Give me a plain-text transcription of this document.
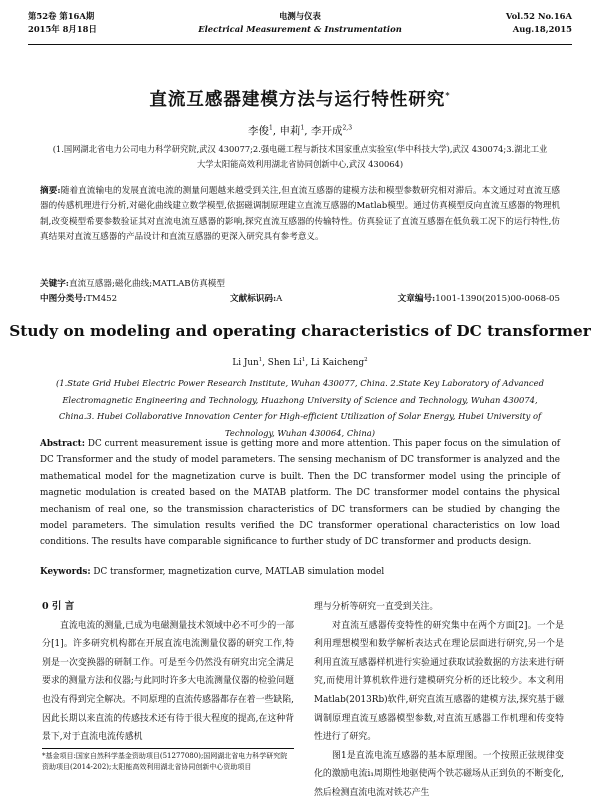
第52卷 第16A期
2015年 8月18日
电测与仪表
Electrical Measurement & Instrumentation
Vol.52 No.16A
Aug.18,2015
直流互感器建模方法与运行特性研究*
李俊$^1$, 申莉$^1$, 李开成$^{2,3}$
(1.国网湖北省电力公司电力科学研究院,武汉 430077;2.强电磁工程与新技术国家重点实验室(华中科技大学),武汉 430074;3.湖北工业大学太阳能高效利用湖北省协同创新中心,武汉 430064)
摘要:随着直流输电的发展直流电流的测量问题越来越受到关注,但直流互感器的建模方法和模型参数研究相对滞后。本文通过对直流互感器的传感机理进行分析,对磁化曲线建立数学模型,依据磁调制原理建立直流互感器的Matlab模型。通过仿真模型反向直流互感器的物理机制,改变模型希要参数验证其对直流电流互感器的影响,探究直流互感器的传输特性。仿真验证了直流互感器在低负载工况下的运行特性,仿真结果对直流互感器的产品设计和直流互感器的更深入研究具有参考意义。
关键字:直流互感器;磁化曲线;MATLAB仿真模型
中图分类号:TM452	文献标识码:A	文章编号:1001-1390(2015)00-0068-05
Study on modeling and operating characteristics of DC transformer
Li Jun$^1$, Shen Li$^1$, Li Kaicheng$^2$
(1.State Grid Hubei Electric Power Research Institute, Wuhan 430077, China. 2.State Key Laboratory of Advanced Electromagnetic Engineering and Technology, Huazhong University of Science and Technology, Wuhan 430074, China.3. Hubei Collaborative Innovation Center for High-efficient Utilization of Solar Energy, Hubei University of Technology, Wuhan 430064, China)
Abstract: DC current measurement issue is getting more and more attention. This paper focus on the simulation of DC Transformer and the study of model parameters. The sensing mechanism of DC transformer is analyzed and the mathematical model for the magnetization curve is built. Then the DC transformer model using the principle of magnetic modulation is created based on the MATAB platform. The DC transformer model contains the physical mechanism of real one, so the transmission characteristics of DC transformers can be studied by changing the model parameters. The simulation results verified the DC transformer operational characteristics on low load conditions. The results have comparable significance to further study of DC transformer and products design.
Keywords: DC transformer, magnetization curve, MATLAB simulation model
0 引 言
直流电流的测量,已成为电磁测量技术领域中必不可少的一部分[1]。许多研究机构都在开展直流电流测量仪器的研究工作,特别是一次变换器的研制工作。可是至今仍然没有研究出完全满足要求的测量方法和仪器;与此同时许多大电流测量仪器的检验问题也没有得到完全解决。不同原理的直流传感器都存在着一些缺陷,因此长期以来直流的传感技术还有待于很大程度的提高,在这种背景下,对于直流电流传感机
*基金项目:国家自然科学基金资助项目(51277080);国网湖北省电力科学研究院资助项目(2014-202);太阳能高效利用湖北省协同创新中心资助项目
理与分析等研究一直受到关注。
对直流互感器传变特性的研究集中在两个方面[2]。一个是利用理想模型和数学解析表达式在理论层面进行研究,另一个是利用直流互感器样机进行实验通过获取试验数据的方法来进行研究,而使用计算机软件进行建模研究分析的还比较少。本文利用Matlab(2013Rb)软件,研究直流互感器的建模方法,探究基于磁调制原理直流互感器模型参数,对直流互感器工作机理和传变特性进行了研究。
图1是直流电流互感器的基本原理图。一个按照正弦规律变化的激励电流i₁周期性地驱使两个铁芯磁场从正到负的不断变化,然后检测直流电流对铁芯产生
